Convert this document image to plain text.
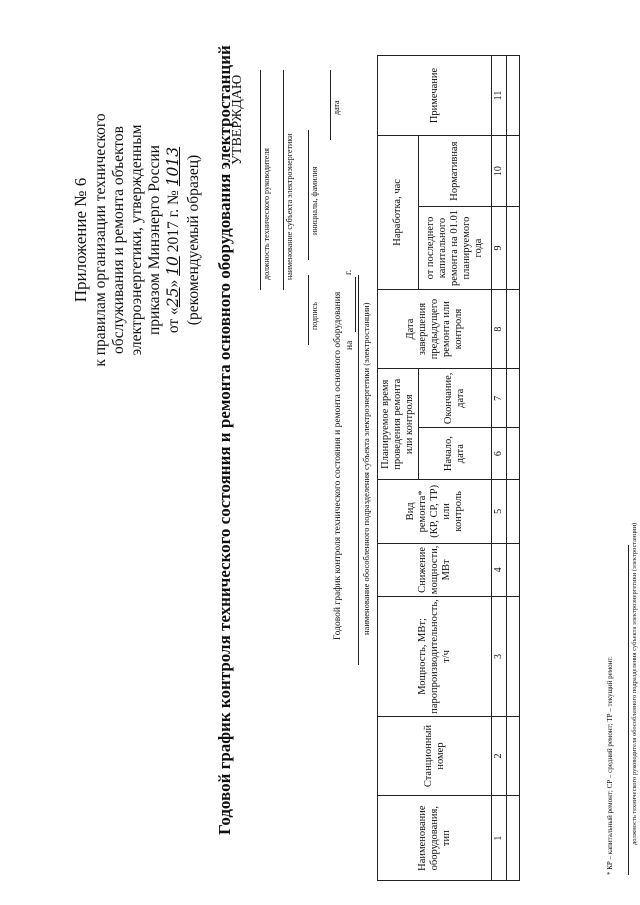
Приложение № 6 к правилам организации технического обслуживания и ремонта объектов электроэнергетики, утвержденным приказом Минэнерго России от «25» 10 2017 г. № 1013 (рекомендуемый образец) Годовой график контроля технического состояния и ремонта основного оборудования электростанций
УТВЕРЖДАЮ
должность технического руководителя наименование субъекта электроэнергетики
подпись
инициалы, фамилия
дата
Годовой график контроля технического состояния и ремонта основного оборудования на
г.
наименование обособленного подразделения субъекта электроэнергетики (электростанции)
Наименование оборудования, тип	Станционный номер	Мощность, МВт; паропроизводительность, т/ч	Снижение мощности, МВт	Вид ремонта* (КР, СР, ТР) или контроль	Планируемое время проведения ремонта или контроля		Дата завершения предыдущего ремонта или контроля	Наработка, час		Примечание
					Начало, дата	Окончание, дата		от последнего капитального ремонта на 01.01 планируемого года	Нормативная	
1	2	3	4	5	6	7	8	9	10	11

* КР – капитальный ремонт; СР – средний ремонт; ТР – текущий ремонт.	должность технического руководителя обособленного подразделения субъекта электроэнергетики (электростанции)
